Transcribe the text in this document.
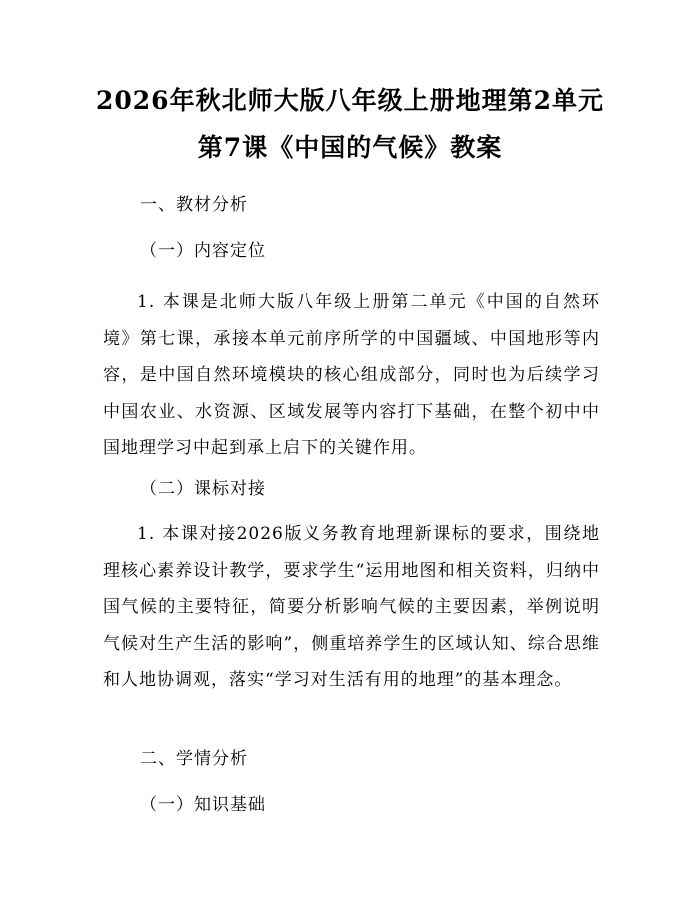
2026年秋北师大版八年级上册地理第2单元
第7课《中国的气候》教案
一、教材分析
（一）内容定位
1. 本课是北师大版八年级上册第二单元《中国的自然环境》第七课，承接本单元前序所学的中国疆域、中国地形等内容，是中国自然环境模块的核心组成部分，同时也为后续学习中国农业、水资源、区域发展等内容打下基础，在整个初中中国地理学习中起到承上启下的关键作用。
（二）课标对接
1. 本课对接2026版义务教育地理新课标的要求，围绕地理核心素养设计教学，要求学生“运用地图和相关资料，归纳中国气候的主要特征，简要分析影响气候的主要因素，举例说明气候对生产生活的影响”，侧重培养学生的区域认知、综合思维和人地协调观，落实“学习对生活有用的地理”的基本理念。
二、学情分析
（一）知识基础
